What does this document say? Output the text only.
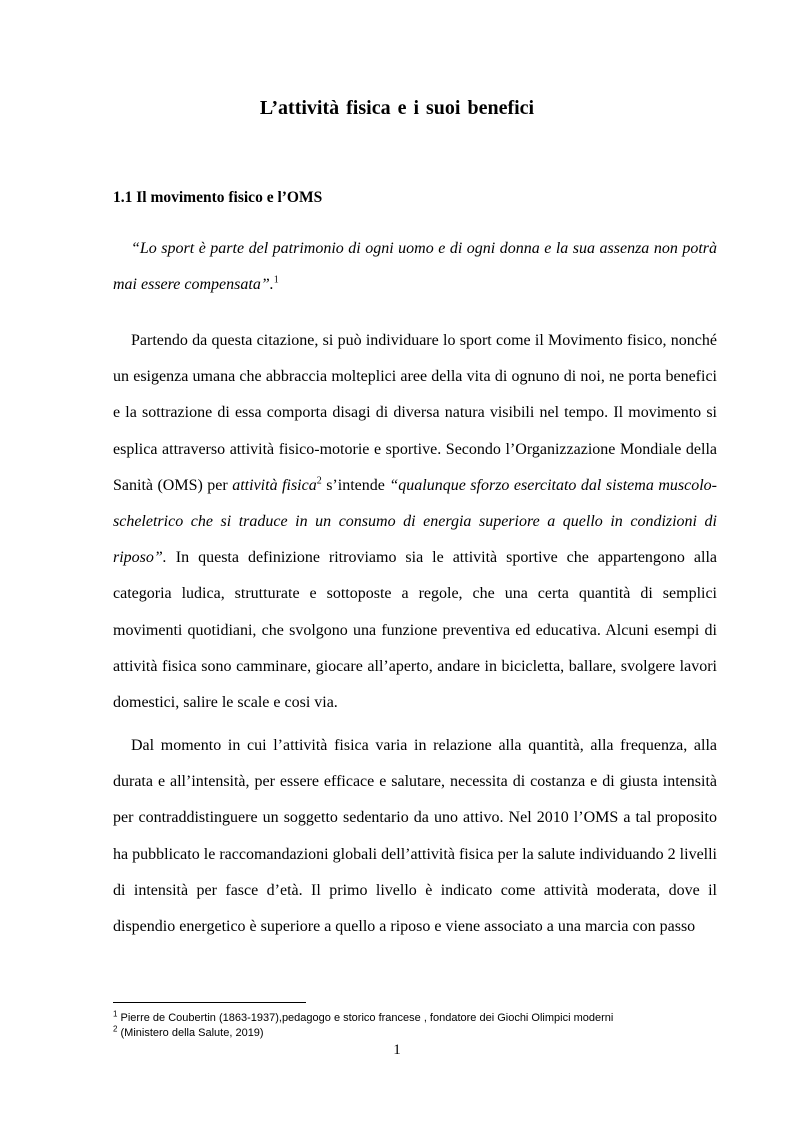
L’attività fisica e i suoi benefici
1.1 Il movimento fisico e l’OMS

“Lo sport è parte del patrimonio di ogni uomo e di ogni donna e la sua assenza non potrà mai essere compensata”.$^1$

Partendo da questa citazione, si può individuare lo sport come il Movimento fisico, nonché un esigenza umana che abbraccia molteplici aree della vita di ognuno di noi, ne porta benefici e la sottrazione di essa comporta disagi di diversa natura visibili nel tempo. Il movimento si esplica attraverso attività fisico-motorie e sportive. Secondo l’Organizzazione Mondiale della Sanità (OMS) per attività fisica$^2$ s’intende “qualunque sforzo esercitato dal sistema muscolo-scheletrico che si traduce in un consumo di energia superiore a quello in condizioni di riposo”. In questa definizione ritroviamo sia le attività sportive che appartengono alla categoria ludica, strutturate e sottoposte a regole, che una certa quantità di semplici movimenti quotidiani, che svolgono una funzione preventiva ed educativa. Alcuni esempi di attività fisica sono camminare, giocare all’aperto, andare in bicicletta, ballare, svolgere lavori domestici, salire le scale e cosi via.

Dal momento in cui l’attività fisica varia in relazione alla quantità, alla frequenza, alla durata e all’intensità, per essere efficace e salutare, necessita di costanza e di giusta intensità per contraddistinguere un soggetto sedentario da uno attivo. Nel 2010 l’OMS a tal proposito ha pubblicato le raccomandazioni globali dell’attività fisica per la salute individuando 2 livelli di intensità per fasce d’età. Il primo livello è indicato come attività moderata, dove il dispendio energetico è superiore a quello a riposo e viene associato a una marcia con passo

$^1$ Pierre de Coubertin (1863-1937),pedagogo e storico francese , fondatore dei Giochi Olimpici moderni
$^2$ (Ministero della Salute, 2019)

1
